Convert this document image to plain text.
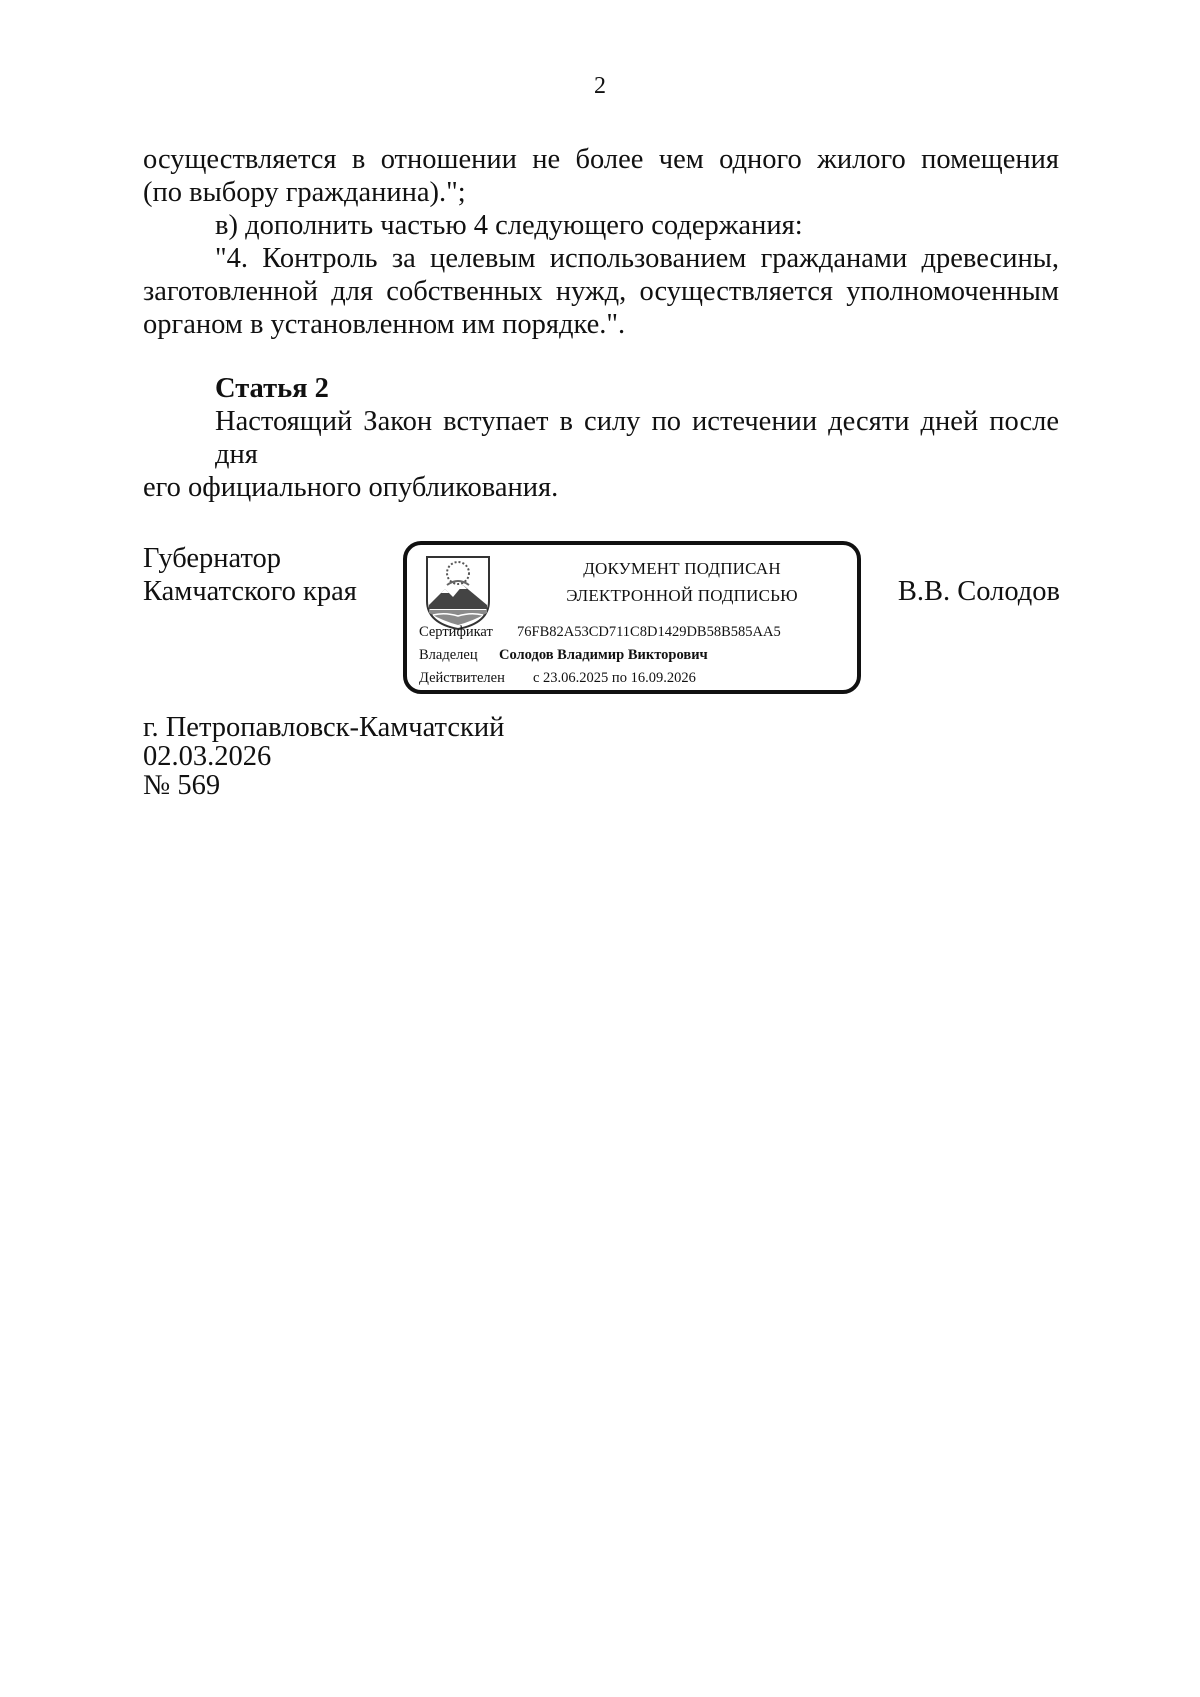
2
осуществляется в отношении не более чем одного жилого помещения
(по выбору гражданина).";
в) дополнить частью 4 следующего содержания:
"4. Контроль за целевым использованием гражданами древесины,
заготовленной для собственных нужд, осуществляется уполномоченным
органом в установленном им порядке.".
Статья 2
Настоящий Закон вступает в силу по истечении десяти дней после дня
его официального опубликования.
Губернатор
Камчатского края	В.В. Солодов
ДОКУМЕНТ ПОДПИСАН
ЭЛЕКТРОННОЙ ПОДПИСЬЮ
Сертификат 76FB82A53CD711C8D1429DB58B585AA5
Владелец Солодов Владимир Викторович
Действителен с 23.06.2025 по 16.09.2026
г. Петропавловск-Камчатский
02.03.2026
№ 569
